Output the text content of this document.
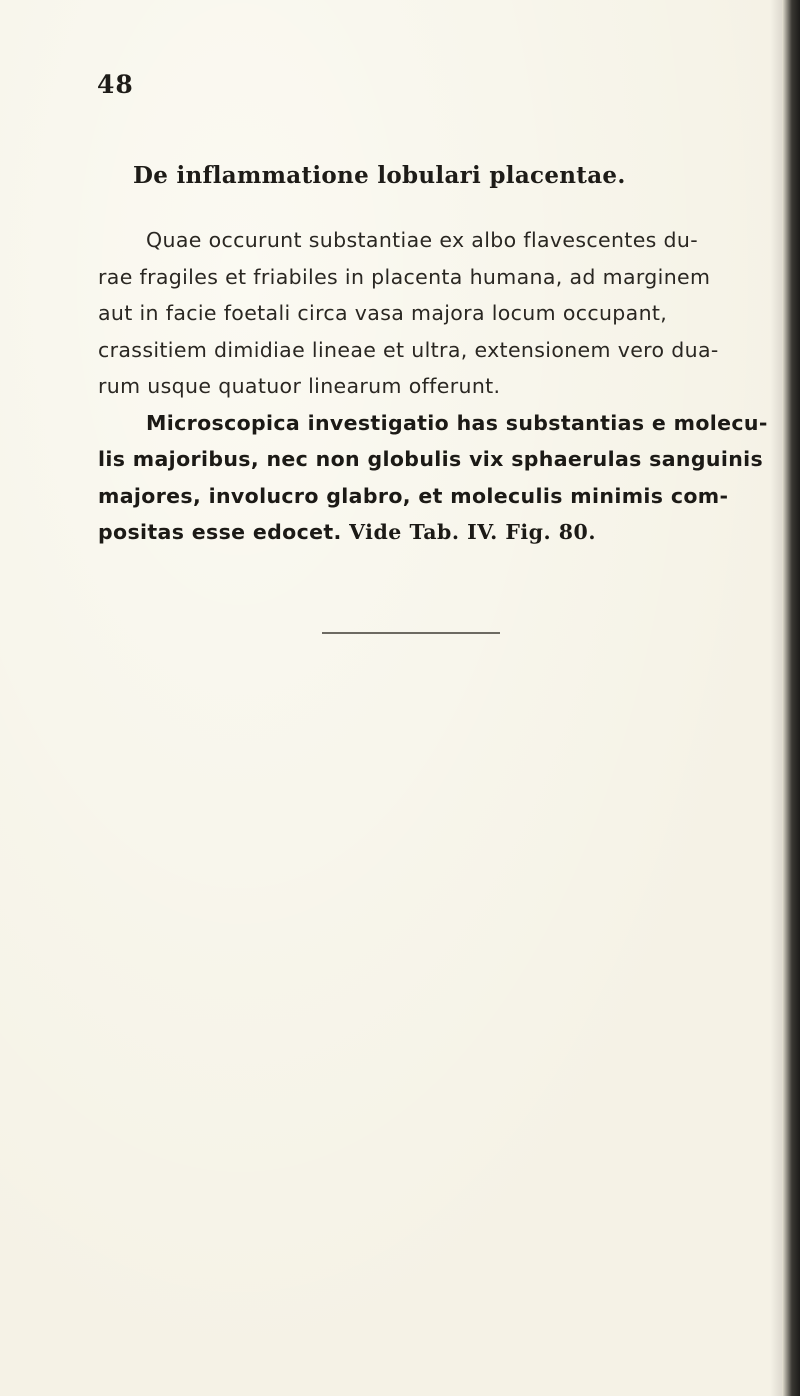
48
De inflammatione lobulari placentae.
Quae occurunt substantiae ex albo flavescentes du-
rae fragiles et friabiles in placenta humana, ad marginem
aut in facie foetali circa vasa majora locum occupant,
crassitiem dimidiae lineae et ultra, extensionem vero dua-
rum usque quatuor linearum offerunt.
Microscopica investigatio has substantias e molecu-
lis majoribus, nec non globulis vix sphaerulas sanguinis
majores, involucro glabro, et moleculis minimis com-
positas esse edocet. Vide Tab. IV. Fig. 80.
